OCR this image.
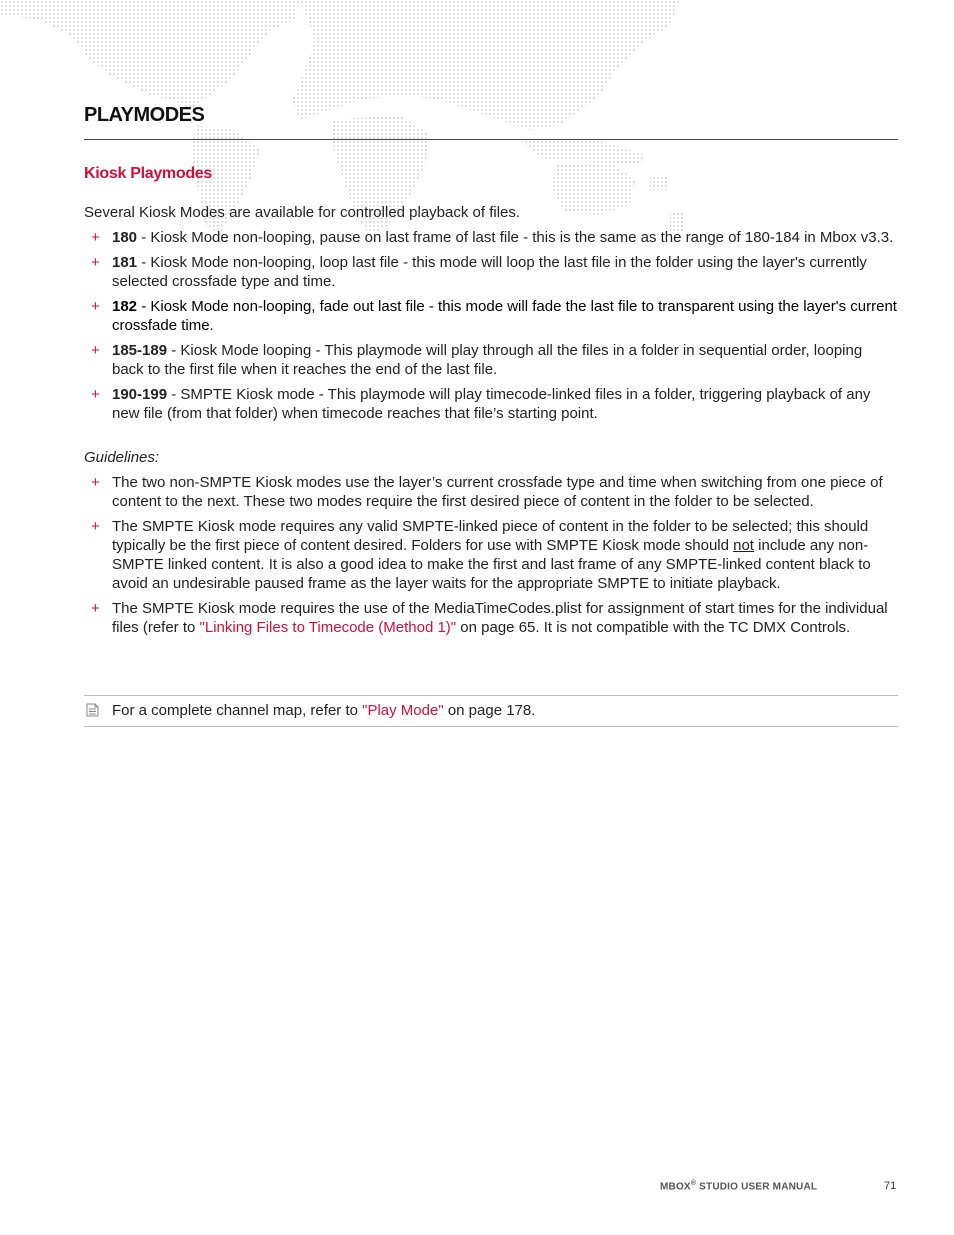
PLAYMODES
Kiosk Playmodes
Several Kiosk Modes are available for controlled playback of files.
+ 180 - Kiosk Mode non-looping, pause on last frame of last file - this is the same as the range of 180-184 in Mbox v3.3.
+ 181 - Kiosk Mode non-looping, loop last file - this mode will loop the last file in the folder using the layer's currently selected crossfade type and time.
+ 182 - Kiosk Mode non-looping, fade out last file - this mode will fade the last file to transparent using the layer's current crossfade time.
+ 185-189 - Kiosk Mode looping - This playmode will play through all the files in a folder in sequential order, looping back to the first file when it reaches the end of the last file.
+ 190-199 - SMPTE Kiosk mode - This playmode will play timecode-linked files in a folder, triggering playback of any new file (from that folder) when timecode reaches that file’s starting point.
Guidelines:
+ The two non-SMPTE Kiosk modes use the layer’s current crossfade type and time when switching from one piece of content to the next. These two modes require the first desired piece of content in the folder to be selected.
+ The SMPTE Kiosk mode requires any valid SMPTE-linked piece of content in the folder to be selected; this should typically be the first piece of content desired. Folders for use with SMPTE Kiosk mode should not include any non-SMPTE linked content. It is also a good idea to make the first and last frame of any SMPTE-linked content black to avoid an undesirable paused frame as the layer waits for the appropriate SMPTE to initiate playback.
+ The SMPTE Kiosk mode requires the use of the MediaTimeCodes.plist for assignment of start times for the individual files (refer to "Linking Files to Timecode (Method 1)" on page 65. It is not compatible with the TC DMX Controls.
For a complete channel map, refer to "Play Mode" on page 178.
MBOX® STUDIO USER MANUAL	71
